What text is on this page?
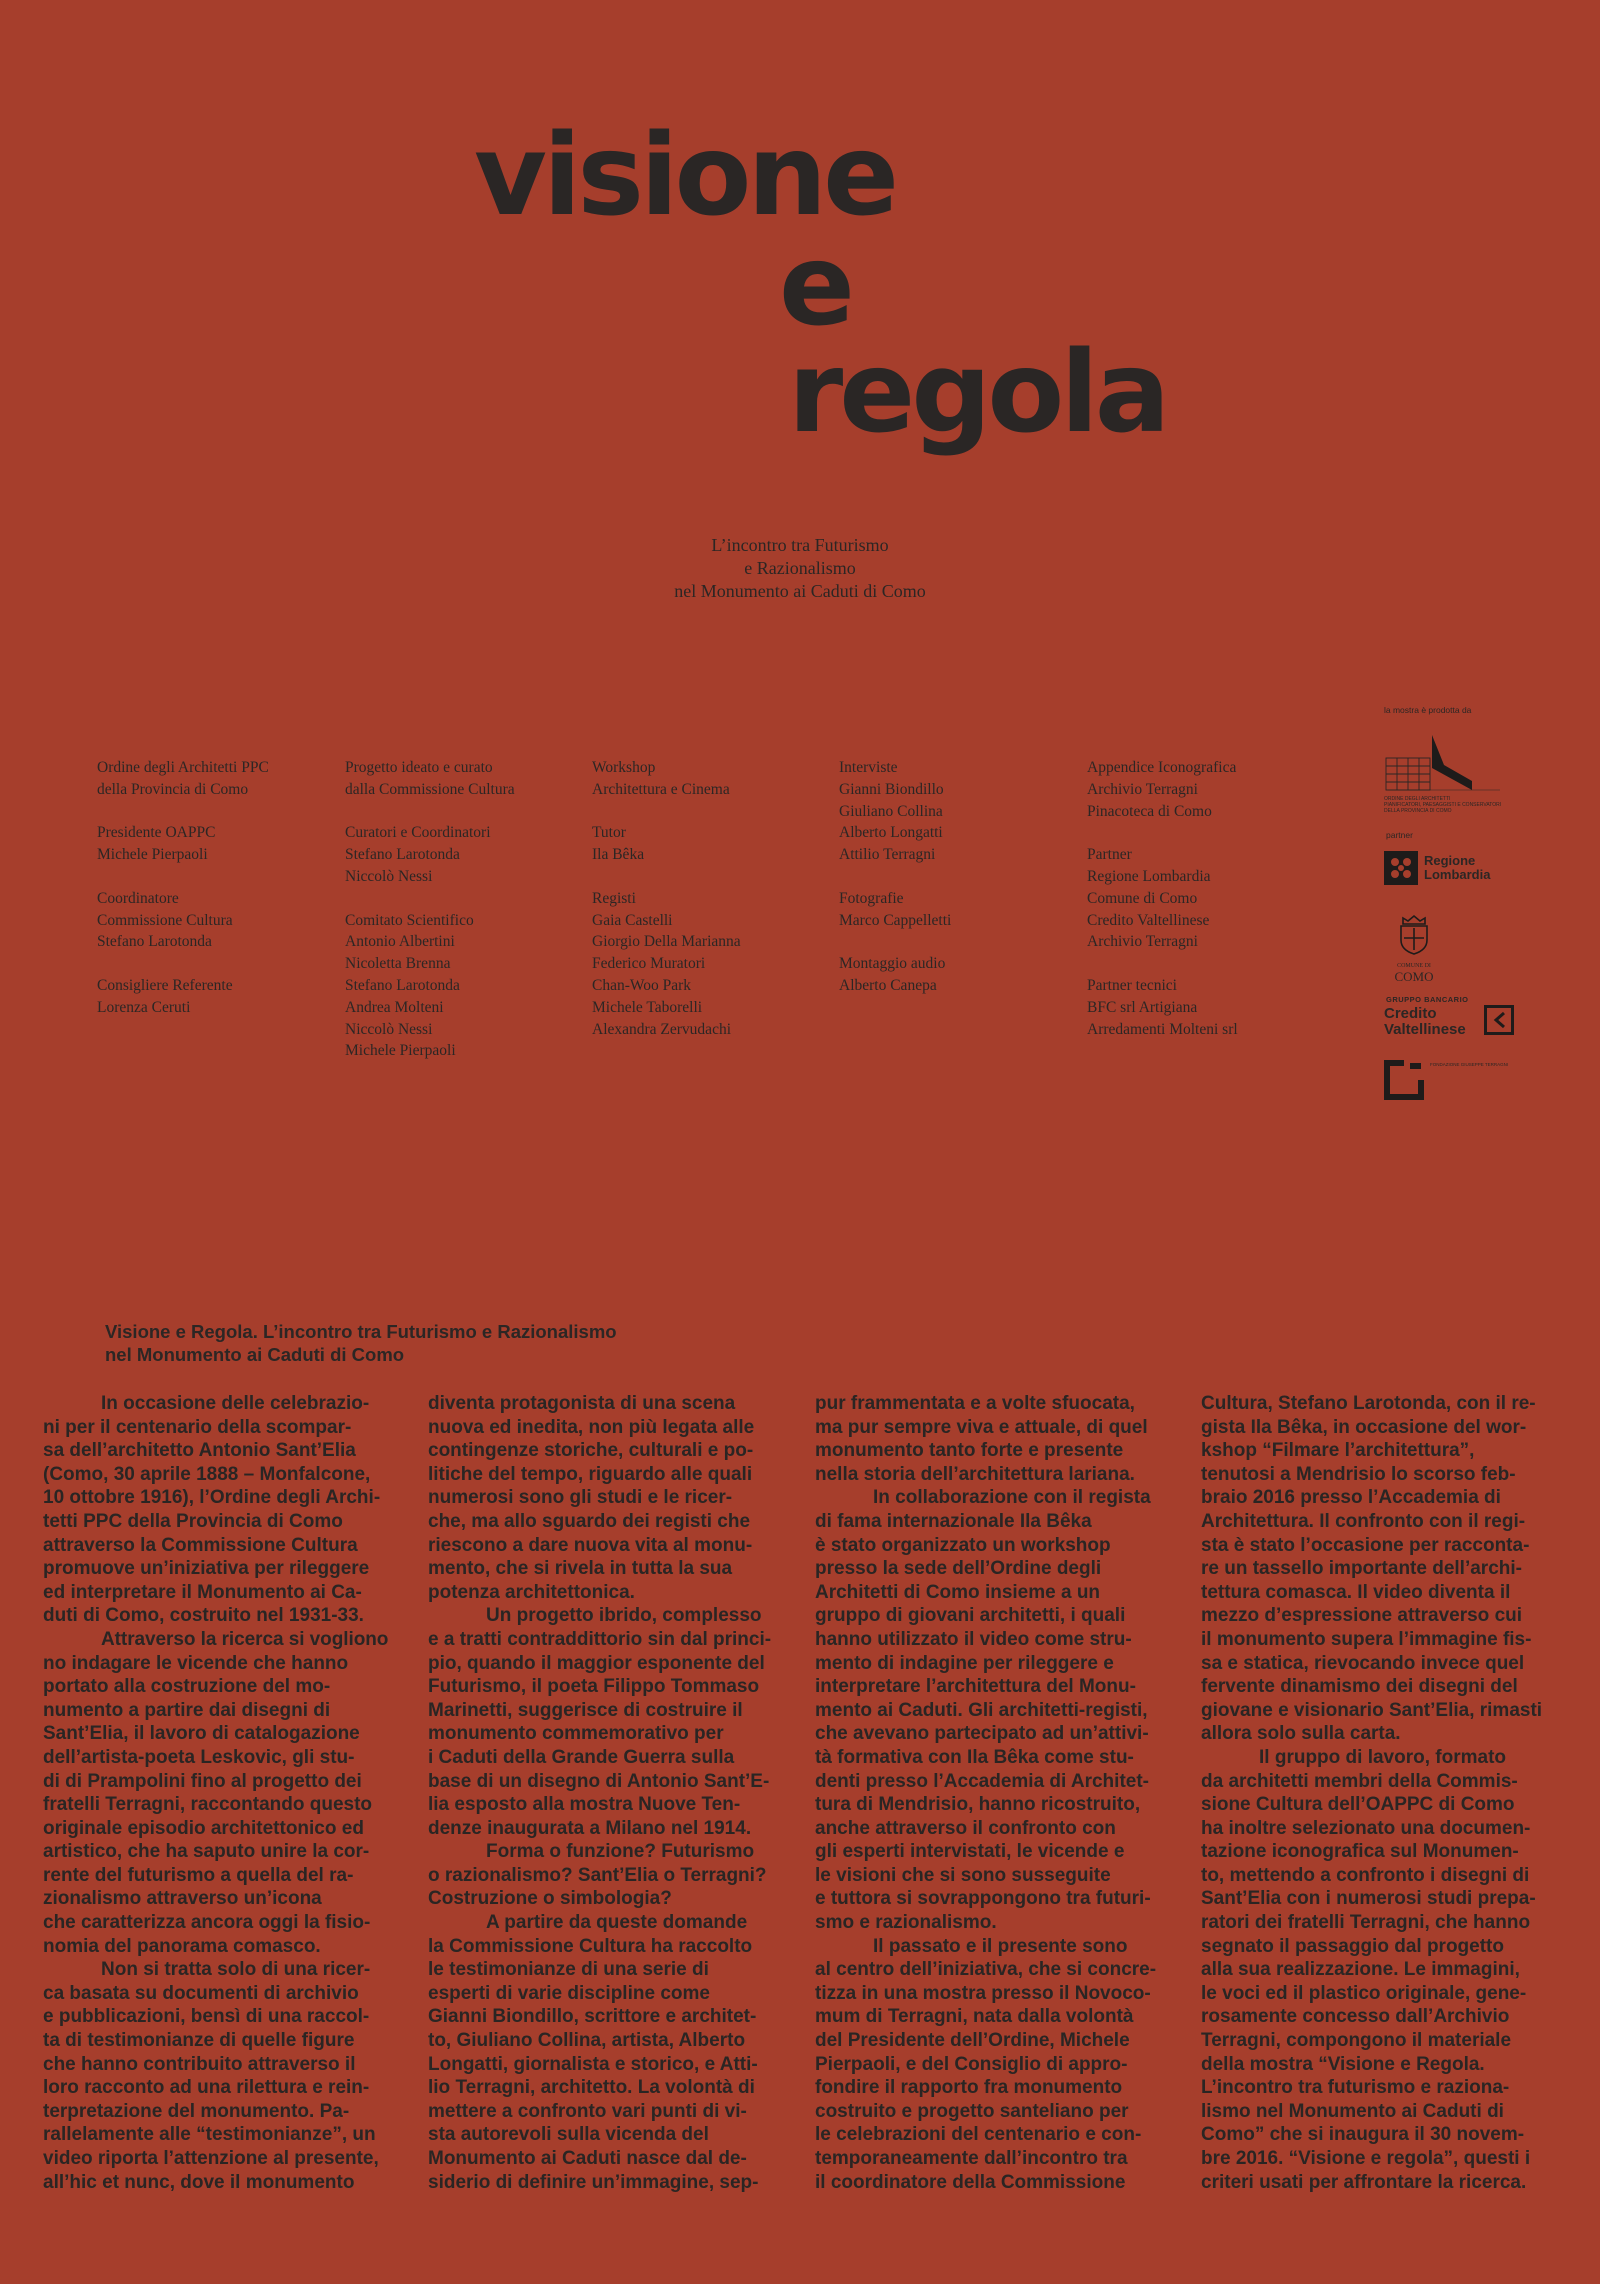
visione
e
regola
L’incontro tra Futurismo
e Razionalismo
nel Monumento ai Caduti di Como
Ordine degli Architetti PPC
della Provincia di Como
Presidente OAPPC
Michele Pierpaoli
Coordinatore
Commissione Cultura
Stefano Larotonda
Consigliere Referente
Lorenza Ceruti
Progetto ideato e curato
dalla Commissione Cultura
Curatori e Coordinatori
Stefano Larotonda
Niccolò Nessi
Comitato Scientifico
Antonio Albertini
Nicoletta Brenna
Stefano Larotonda
Andrea Molteni
Niccolò Nessi
Michele Pierpaoli
Workshop
Architettura e Cinema
Tutor
Ila Bêka
Registi
Gaia Castelli
Giorgio Della Marianna
Federico Muratori
Chan-Woo Park
Michele Taborelli
Alexandra Zervudachi
Interviste
Gianni Biondillo
Giuliano Collina
Alberto Longatti
Attilio Terragni
Fotografie
Marco Cappelletti
Montaggio audio
Alberto Canepa
Appendice Iconografica
Archivio Terragni
Pinacoteca di Como
Partner
Regione Lombardia
Comune di Como
Credito Valtellinese
Archivio Terragni
Partner tecnici
BFC srl Artigiana
Arredamenti Molteni srl
la mostra è prodotta da
ORDINE DEGLI ARCHITETTI
PIANIFICATORI, PAESAGGISTI E CONSERVATORI
DELLA PROVINCIA DI COMO
partner
Regione
Lombardia
COMUNE DI
COMO
GRUPPO BANCARIO
Credito
Valtellinese
FONDAZIONE GIUSEPPE TERRAGNI
Visione e Regola. L’incontro tra Futurismo e Razionalismo
nel Monumento ai Caduti di Como
In occasione delle celebrazio-
ni per il centenario della scompar-
sa dell’architetto Antonio Sant’Elia
(Como, 30 aprile 1888 – Monfalcone,
10 ottobre 1916), l’Ordine degli Archi-
tetti PPC della Provincia di Como
attraverso la Commissione Cultura
promuove un’iniziativa per rileggere
ed interpretare il Monumento ai Ca-
duti di Como, costruito nel 1931-33.
Attraverso la ricerca si vogliono
no indagare le vicende che hanno
portato alla costruzione del mo-
numento a partire dai disegni di
Sant’Elia, il lavoro di catalogazione
dell’artista-poeta Leskovic, gli stu-
di di Prampolini fino al progetto dei
fratelli Terragni, raccontando questo
originale episodio architettonico ed
artistico, che ha saputo unire la cor-
rente del futurismo a quella del ra-
zionalismo attraverso un’icona
che caratterizza ancora oggi la fisio-
nomia del panorama comasco.
Non si tratta solo di una ricer-
ca basata su documenti di archivio
e pubblicazioni, bensì di una raccol-
ta di testimonianze di quelle figure
che hanno contribuito attraverso il
loro racconto ad una rilettura e rein-
terpretazione del monumento. Pa-
rallelamente alle “testimonianze”, un
video riporta l’attenzione al presente,
all’hic et nunc, dove il monumento
diventa protagonista di una scena
nuova ed inedita, non più legata alle
contingenze storiche, culturali e po-
litiche del tempo, riguardo alle quali
numerosi sono gli studi e le ricer-
che, ma allo sguardo dei registi che
riescono a dare nuova vita al monu-
mento, che si rivela in tutta la sua
potenza architettonica.
Un progetto ibrido, complesso
e a tratti contraddittorio sin dal princi-
pio, quando il maggior esponente del
Futurismo, il poeta Filippo Tommaso
Marinetti, suggerisce di costruire il
monumento commemorativo per
i Caduti della Grande Guerra sulla
base di un disegno di Antonio Sant’E-
lia esposto alla mostra Nuove Ten-
denze inaugurata a Milano nel 1914.
Forma o funzione? Futurismo
o razionalismo? Sant’Elia o Terragni?
Costruzione o simbologia?
A partire da queste domande
la Commissione Cultura ha raccolto
le testimonianze di una serie di
esperti di varie discipline come
Gianni Biondillo, scrittore e architet-
to, Giuliano Collina, artista, Alberto
Longatti, giornalista e storico, e Atti-
lio Terragni, architetto. La volontà di
mettere a confronto vari punti di vi-
sta autorevoli sulla vicenda del
Monumento ai Caduti nasce dal de-
siderio di definire un’immagine, sep-
pur frammentata e a volte sfuocata,
ma pur sempre viva e attuale, di quel
monumento tanto forte e presente
nella storia dell’architettura lariana.
In collaborazione con il regista
di fama internazionale Ila Bêka
è stato organizzato un workshop
presso la sede dell’Ordine degli
Architetti di Como insieme a un
gruppo di giovani architetti, i quali
hanno utilizzato il video come stru-
mento di indagine per rileggere e
interpretare l’architettura del Monu-
mento ai Caduti. Gli architetti-registi,
che avevano partecipato ad un’attivi-
tà formativa con Ila Bêka come stu-
denti presso l’Accademia di Architet-
tura di Mendrisio, hanno ricostruito,
anche attraverso il confronto con
gli esperti intervistati, le vicende e
le visioni che si sono susseguite
e tuttora si sovrappongono tra futuri-
smo e razionalismo.
Il passato e il presente sono
al centro dell’iniziativa, che si concre-
tizza in una mostra presso il Novoco-
mum di Terragni, nata dalla volontà
del Presidente dell’Ordine, Michele
Pierpaoli, e del Consiglio di appro-
fondire il rapporto fra monumento
costruito e progetto santeliano per
le celebrazioni del centenario e con-
temporaneamente dall’incontro tra
il coordinatore della Commissione
Cultura, Stefano Larotonda, con il re-
gista Ila Bêka, in occasione del wor-
kshop “Filmare l’architettura”,
tenutosi a Mendrisio lo scorso feb-
braio 2016 presso l’Accademia di
Architettura. Il confronto con il regi-
sta è stato l’occasione per racconta-
re un tassello importante dell’archi-
tettura comasca. Il video diventa il
mezzo d’espressione attraverso cui
il monumento supera l’immagine fis-
sa e statica, rievocando invece quel
fervente dinamismo dei disegni del
giovane e visionario Sant’Elia, rimasti
allora solo sulla carta.
Il gruppo di lavoro, formato
da architetti membri della Commis-
sione Cultura dell’OAPPC di Como
ha inoltre selezionato una documen-
tazione iconografica sul Monumen-
to, mettendo a confronto i disegni di
Sant’Elia con i numerosi studi prepa-
ratori dei fratelli Terragni, che hanno
segnato il passaggio dal progetto
alla sua realizzazione. Le immagini,
le voci ed il plastico originale, gene-
rosamente concesso dall’Archivio
Terragni, compongono il materiale
della mostra “Visione e Regola.
L’incontro tra futurismo e raziona-
lismo nel Monumento ai Caduti di
Como” che si inaugura il 30 novem-
bre 2016. “Visione e regola”, questi i
criteri usati per affrontare la ricerca.
